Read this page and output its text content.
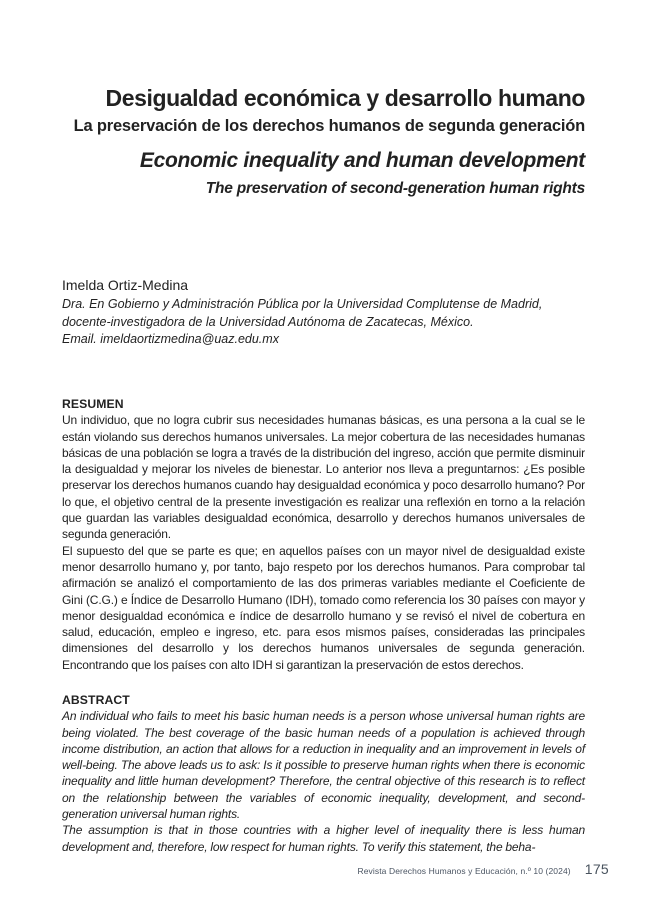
Desigualdad económica y desarrollo humano
La preservación de los derechos humanos de segunda generación
Economic inequality and human development
The preservation of second-generation human rights
Imelda Ortiz-Medina
Dra. En Gobierno y Administración Pública por la Universidad Complutense de Madrid, docente-investigadora de la Universidad Autónoma de Zacatecas, México.
Email. imeldaortizmedina@uaz.edu.mx
RESUMEN

Un individuo, que no logra cubrir sus necesidades humanas básicas, es una persona a la cual se le están violando sus derechos humanos universales. La mejor cobertura de las necesidades humanas básicas de una población se logra a través de la distribución del ingreso, acción que permite disminuir la desigualdad y mejorar los niveles de bienestar. Lo anterior nos lleva a preguntarnos: ¿Es posible preservar los derechos humanos cuando hay desigualdad económica y poco desarrollo humano? Por lo que, el objetivo central de la presente investigación es realizar una reflexión en torno a la relación que guardan las variables desigualdad económica, desarrollo y derechos humanos universales de segunda generación.

El supuesto del que se parte es que; en aquellos países con un mayor nivel de desigualdad existe menor desarrollo humano y, por tanto, bajo respeto por los derechos humanos. Para comprobar tal afirmación se analizó el comportamiento de las dos primeras variables mediante el Coeficiente de Gini (C.G.) e Índice de Desarrollo Humano (IDH), tomado como referencia los 30 países con mayor y menor desigualdad económica e índice de desarrollo humano y se revisó el nivel de cobertura en salud, educación, empleo e ingreso, etc. para esos mismos países, consideradas las principales dimensiones del desarrollo y los derechos humanos universales de segunda generación. Encontrando que los países con alto IDH si garantizan la preservación de estos derechos.

ABSTRACT

An individual who fails to meet his basic human needs is a person whose universal human rights are being violated. The best coverage of the basic human needs of a population is achieved through income distribution, an action that allows for a reduction in inequality and an improvement in levels of well-being. The above leads us to ask: Is it possible to preserve human rights when there is economic inequality and little human development? Therefore, the central objective of this research is to reflect on the relationship between the variables of economic inequality, development, and second-generation universal human rights.

The assumption is that in those countries with a higher level of inequality there is less human development and, therefore, low respect for human rights. To verify this statement, the beha-

Revista Derechos Humanos y Educación, n.º 10 (2024) 175
